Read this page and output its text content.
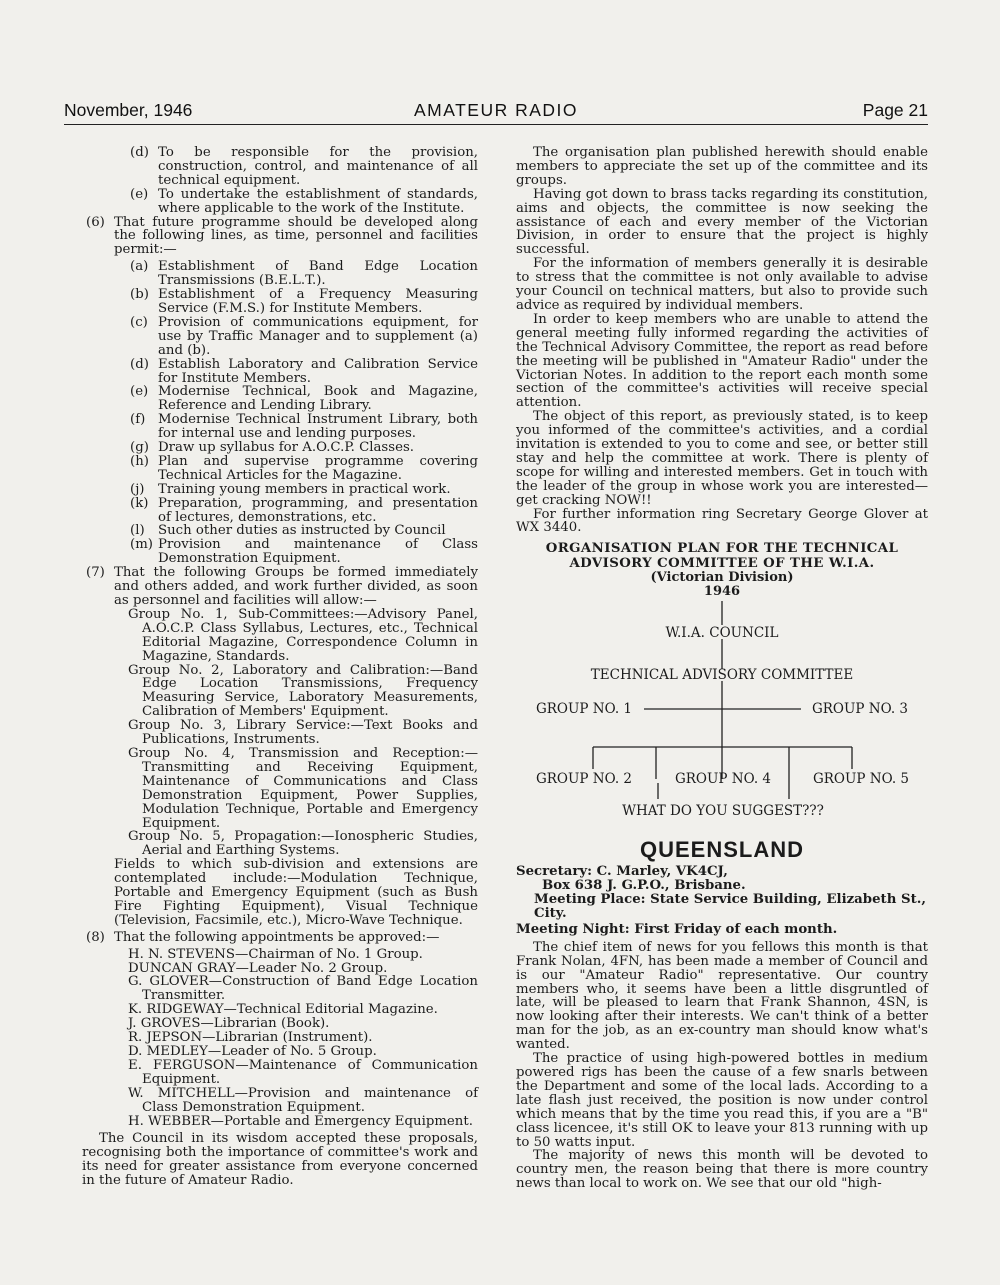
November, 1946	AMATEUR RADIO	Page 21
(d) To be responsible for the provision, construction, control, and maintenance of all technical equipment.
(e) To undertake the establishment of standards, where applicable to the work of the Institute.
(6) That future programme should be developed along the following lines, as time, personnel and facilities permit:—
(a) Establishment of Band Edge Location Transmissions (B.E.L.T.).
(b) Establishment of a Frequency Measuring Service (F.M.S.) for Institute Members.
(c) Provision of communications equipment, for use by Traffic Manager and to supplement (a) and (b).
(d) Establish Laboratory and Calibration Service for Institute Members.
(e) Modernise Technical, Book and Magazine, Reference and Lending Library.
(f) Modernise Technical Instrument Library, both for internal use and lending purposes.
(g) Draw up syllabus for A.O.C.P. Classes.
(h) Plan and supervise programme covering Technical Articles for the Magazine.
(j) Training young members in practical work.
(k) Preparation, programming, and presentation of lectures, demonstrations, etc.
(l) Such other duties as instructed by Council
(m) Provision and maintenance of Class Demonstration Equipment.
(7) That the following Groups be formed immediately and others added, and work further divided, as soon as personnel and facilities will allow:—

Group No. 1, Sub-Committees:—Advisory Panel, A.O.C.P. Class Syllabus, Lectures, etc., Technical Editorial Magazine, Correspondence Column in Magazine, Standards.

Group No. 2, Laboratory and Calibration:—Band Edge Location Transmissions, Frequency Measuring Service, Laboratory Measurements, Calibration of Members' Equipment.

Group No. 3, Library Service:—Text Books and Publications, Instruments.

Group No. 4, Transmission and Reception:—Transmitting and Receiving Equipment, Maintenance of Communications and Class Demonstration Equipment, Power Supplies, Modulation Technique, Portable and Emergency Equipment.

Group No. 5, Propagation:—Ionospheric Studies, Aerial and Earthing Systems.

Fields to which sub-division and extensions are contemplated include:—Modulation Technique, Portable and Emergency Equipment (such as Bush Fire Fighting Equipment), Visual Technique (Television, Facsimile, etc.), Micro-Wave Technique.

(8) That the following appointments be approved:—

H. N. STEVENS—Chairman of No. 1 Group.

DUNCAN GRAY—Leader No. 2 Group.

G. GLOVER—Construction of Band Edge Location Transmitter.

K. RIDGEWAY—Technical Editorial Magazine.

J. GROVES—Librarian (Book).

R. JEPSON—Librarian (Instrument).

D. MEDLEY—Leader of No. 5 Group.

E. FERGUSON—Maintenance of Communication Equipment.

W. MITCHELL—Provision and maintenance of Class Demonstration Equipment.

H. WEBBER—Portable and Emergency Equipment.

The Council in its wisdom accepted these proposals, recognising both the importance of committee's work and its need for greater assistance from everyone concerned in the future of Amateur Radio.

The organisation plan published herewith should enable members to appreciate the set up of the committee and its groups.

Having got down to brass tacks regarding its constitution, aims and objects, the committee is now seeking the assistance of each and every member of the Victorian Division, in order to ensure that the project is highly successful.

For the information of members generally it is desirable to stress that the committee is not only available to advise your Council on technical matters, but also to provide such advice as required by individual members.

In order to keep members who are unable to attend the general meeting fully informed regarding the activities of the Technical Advisory Committee, the report as read before the meeting will be published in "Amateur Radio" under the Victorian Notes. In addition to the report each month some section of the committee's activities will receive special attention.

The object of this report, as previously stated, is to keep you informed of the committee's activities, and a cordial invitation is extended to you to come and see, or better still stay and help the committee at work. There is plenty of scope for willing and interested members. Get in touch with the leader of the group in whose work you are interested—get cracking NOW!!

For further information ring Secretary George Glover at WX 3440.

ORGANISATION PLAN FOR THE TECHNICAL
ADVISORY COMMITTEE OF THE W.I.A.
(Victorian Division)
1946
W.I.A. COUNCIL
TECHNICAL ADVISORY COMMITTEE
GROUP NO. 1	GROUP NO. 3
GROUP NO. 2	GROUP NO. 4	GROUP NO. 5
WHAT DO YOU SUGGEST???
QUEENSLAND
Secretary: C. Marley, VK4CJ,
Box 638 J. G.P.O., Brisbane.
Meeting Place: State Service Building, Elizabeth St., City.
Meeting Night: First Friday of each month.

The chief item of news for you fellows this month is that Frank Nolan, 4FN, has been made a member of Council and is our "Amateur Radio" representative. Our country members who, it seems have been a little disgruntled of late, will be pleased to learn that Frank Shannon, 4SN, is now looking after their interests. We can't think of a better man for the job, as an ex-country man should know what's wanted.

The practice of using high-powered bottles in medium powered rigs has been the cause of a few snarls between the Department and some of the local lads. According to a late flash just received, the position is now under control which means that by the time you read this, if you are a "B" class licencee, it's still OK to leave your 813 running with up to 50 watts input.

The majority of news this month will be devoted to country men, the reason being that there is more country news than local to work on. We see that our old "high-
